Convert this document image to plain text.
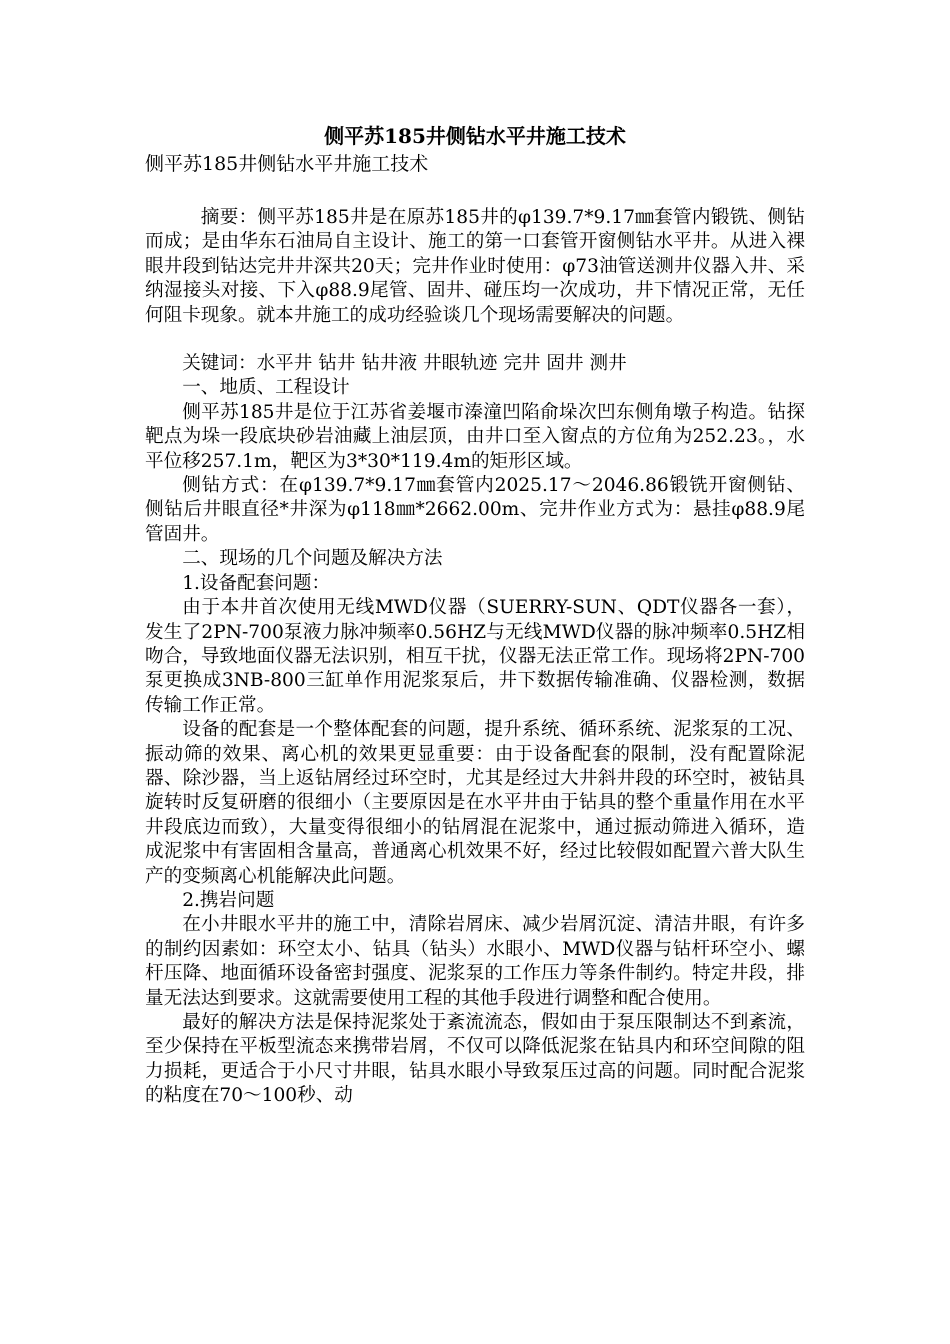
侧平苏185井侧钻水平井施工技术
侧平苏185井侧钻水平井施工技术

摘要：侧平苏185井是在原苏185井的φ139.7*9.17㎜套管内锻铣、侧钻而成；是由华东石油局自主设计、施工的第一口套管开窗侧钻水平井。从进入裸眼井段到钻达完井井深共20天；完井作业时使用：φ73油管送测井仪器入井、采纳湿接头对接、下入φ88.9尾管、固井、碰压均一次成功，井下情况正常，无任何阻卡现象。就本井施工的成功经验谈几个现场需要解决的问题。

关键词：水平井 钻井 钻井液 井眼轨迹 完井 固井 测井

一、地质、工程设计

侧平苏185井是位于江苏省姜堰市溱潼凹陷俞垛次凹东侧角墩子构造。钻探靶点为垛一段底块砂岩油藏上油层顶，由井口至入窗点的方位角为252.23。，水平位移257.1m，靶区为3*30*119.4m的矩形区域。

侧钻方式：在φ139.7*9.17㎜套管内2025.17～2046.86锻铣开窗侧钻、侧钻后井眼直径*井深为φ118㎜*2662.00m、完井作业方式为：悬挂φ88.9尾管固井。

二、现场的几个问题及解决方法

1.设备配套问题：

由于本井首次使用无线MWD仪器（SUERRY-SUN、QDT仪器各一套），发生了2PN-700泵液力脉冲频率0.56HZ与无线MWD仪器的脉冲频率0.5HZ相吻合，导致地面仪器无法识别，相互干扰，仪器无法正常工作。现场将2PN-700泵更换成3NB-800三缸单作用泥浆泵后，井下数据传输准确、仪器检测，数据传输工作正常。

设备的配套是一个整体配套的问题，提升系统、循环系统、泥浆泵的工况、振动筛的效果、离心机的效果更显重要：由于设备配套的限制，没有配置除泥器、除沙器，当上返钻屑经过环空时，尤其是经过大井斜井段的环空时，被钻具旋转时反复研磨的很细小（主要原因是在水平井由于钻具的整个重量作用在水平井段底边而致），大量变得很细小的钻屑混在泥浆中，通过振动筛进入循环，造成泥浆中有害固相含量高，普通离心机效果不好，经过比较假如配置六普大队生产的变频离心机能解决此问题。

2.携岩问题

在小井眼水平井的施工中，清除岩屑床、减少岩屑沉淀、清洁井眼，有许多的制约因素如：环空太小、钻具（钻头）水眼小、MWD仪器与钻杆环空小、螺杆压降、地面循环设备密封强度、泥浆泵的工作压力等条件制约。特定井段，排量无法达到要求。这就需要使用工程的其他手段进行调整和配合使用。

最好的解决方法是保持泥浆处于紊流流态，假如由于泵压限制达不到紊流，至少保持在平板型流态来携带岩屑，不仅可以降低泥浆在钻具内和环空间隙的阻力损耗，更适合于小尺寸井眼，钻具水眼小导致泵压过高的问题。同时配合泥浆的粘度在70～100秒、动
